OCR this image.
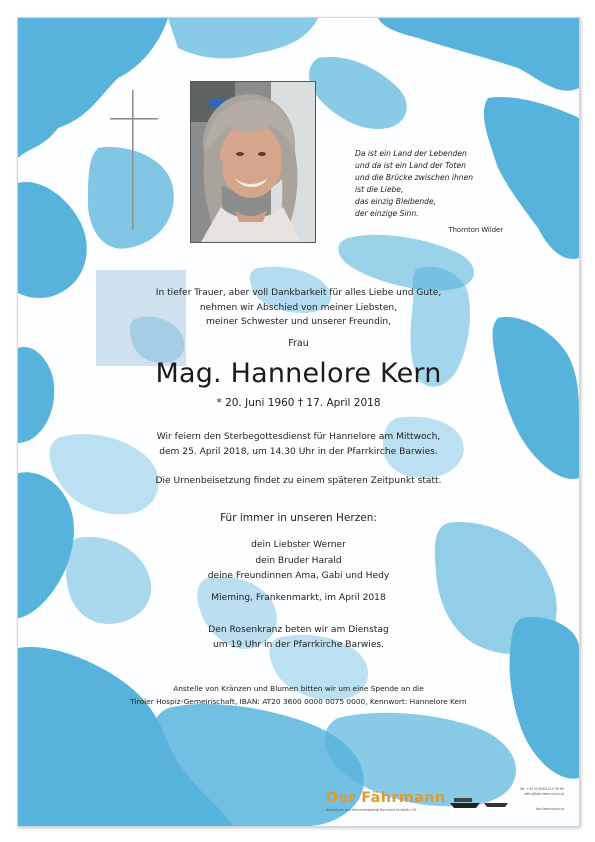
Da ist ein Land der Lebenden
und da ist ein Land der Toten
und die Brücke zwischen ihnen
ist die Liebe,
das einzig Bleibende,
der einzige Sinn.
Thornton Wilder
In tiefer Trauer, aber voll Dankbarkeit für alles Liebe und Gute,
nehmen wir Abschied von meiner Liebsten,
meiner Schwester und unserer Freundin,
Frau
Mag. Hannelore Kern
* 20. Juni 1960 † 17. April 2018
Wir feiern den Sterbegottesdienst für Hannelore am Mittwoch,
dem 25. April 2018, um 14.30 Uhr in der Pfarrkirche Barwies.
Die Urnenbeisetzung findet zu einem späteren Zeitpunkt statt.
Für immer in unseren Herzen:
dein Liebster Werner
dein Bruder Harald
deine Freundinnen Ama, Gabi und Hedy
Mieming, Frankenmarkt, im April 2018
Den Rosenkranz beten wir am Dienstag
um 19 Uhr in der Pfarrkirche Barwies.
Anstelle von Kränzen und Blumen bitten wir um eine Spende an die
Tiroler Hospiz-Gemeinschaft, IBAN: AT20 3600 0000 0075 0000, Kennwort: Hannelore Kern
Der Fährmann
Bestattung und Steinmetzbetrieb Bernhard Schöpfer OG
Tel: +43 (0)5264 210 99 60
office@der-faehrmann.at
der-faehrmann.at
